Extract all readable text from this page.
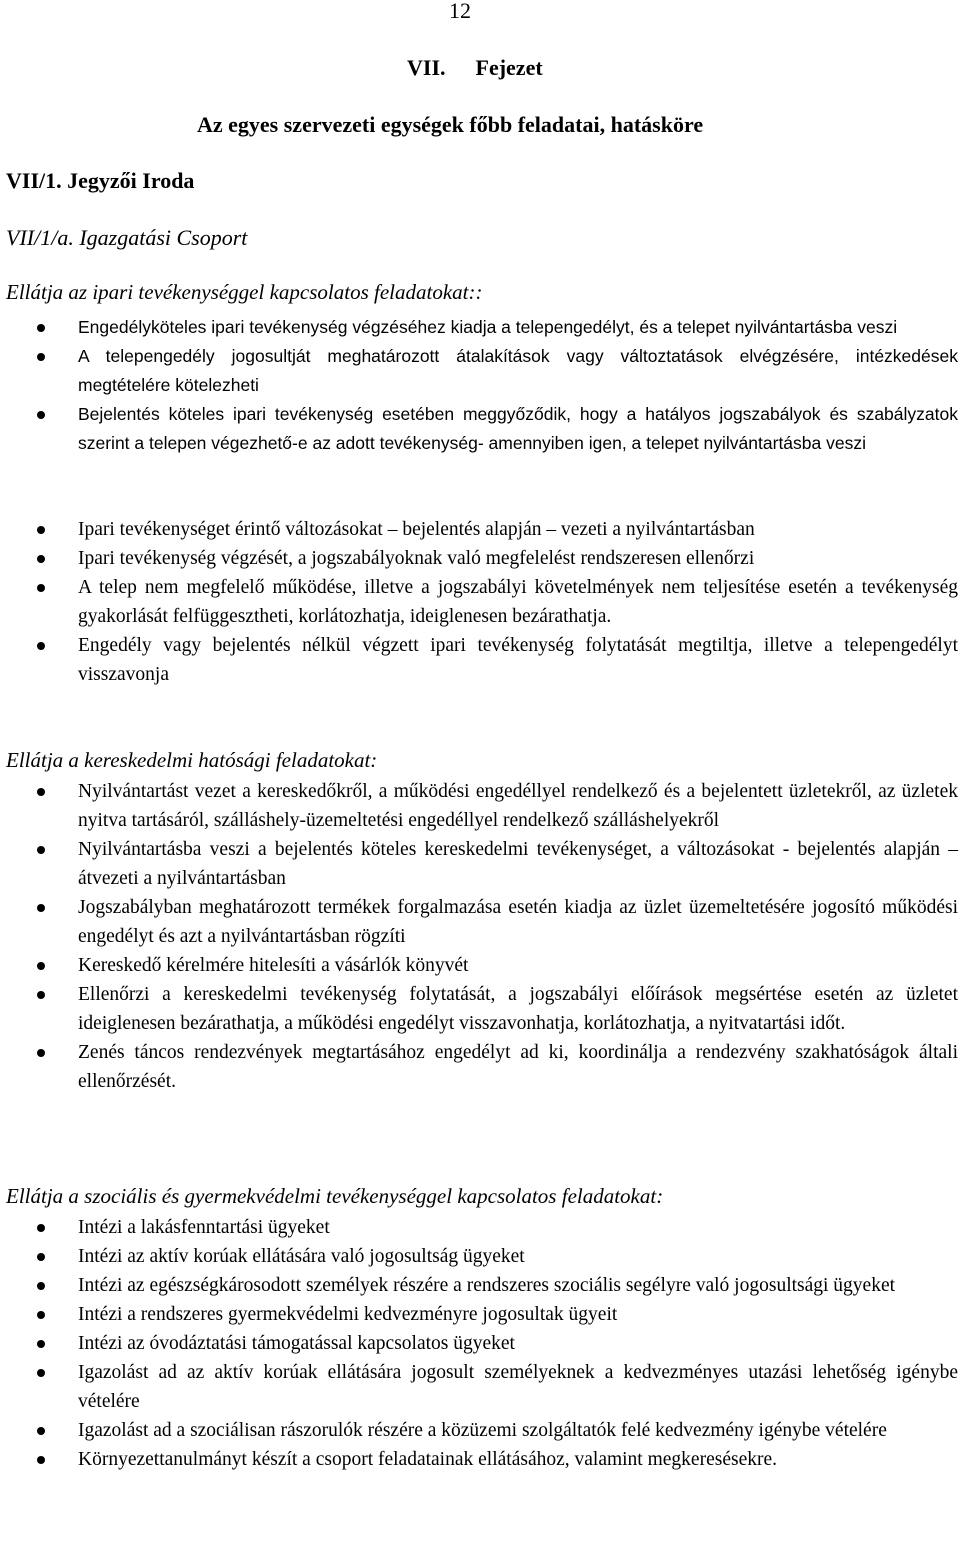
12
VII. Fejezet
Az egyes szervezeti egységek főbb feladatai, hatásköre
VII/1. Jegyzői Iroda
VII/1/a. Igazgatási Csoport
Ellátja az ipari tevékenységgel kapcsolatos feladatokat::
Engedélyköteles ipari tevékenység végzéséhez kiadja a telepengedélyt, és a telepet nyilvántartásba veszi
A telepengedély jogosultját meghatározott átalakítások vagy változtatások elvégzésére, intézkedések megtételére kötelezheti
Bejelentés köteles ipari tevékenység esetében meggyőződik, hogy a hatályos jogszabályok és szabályzatok szerint a telepen végezhető-e az adott tevékenység- amennyiben igen, a telepet nyilvántartásba veszi
Ipari tevékenységet érintő változásokat – bejelentés alapján – vezeti a nyilvántartásban
Ipari tevékenység végzését, a jogszabályoknak való megfelelést rendszeresen ellenőrzi
A telep nem megfelelő működése, illetve a jogszabályi követelmények nem teljesítése esetén a tevékenység gyakorlását felfüggesztheti, korlátozhatja, ideiglenesen bezárathatja.
Engedély vagy bejelentés nélkül végzett ipari tevékenység folytatását megtiltja, illetve a telepengedélyt visszavonja
Ellátja a kereskedelmi hatósági feladatokat:
Nyilvántartást vezet a kereskedőkről, a működési engedéllyel rendelkező és a bejelentett üzletekről, az üzletek nyitva tartásáról, szálláshely-üzemeltetési engedéllyel rendelkező szálláshelyekről
Nyilvántartásba veszi a bejelentés köteles kereskedelmi tevékenységet, a változásokat - bejelentés alapján – átvezeti a nyilvántartásban
Jogszabályban meghatározott termékek forgalmazása esetén kiadja az üzlet üzemeltetésére jogosító működési engedélyt és azt a nyilvántartásban rögzíti
Kereskedő kérelmére hitelesíti a vásárlók könyvét
Ellenőrzi a kereskedelmi tevékenység folytatását, a jogszabályi előírások megsértése esetén az üzletet ideiglenesen bezárathatja, a működési engedélyt visszavonhatja, korlátozhatja, a nyitvatartási időt.
Zenés táncos rendezvények megtartásához engedélyt ad ki, koordinálja a rendezvény szakhatóságok általi ellenőrzését.
Ellátja a szociális és gyermekvédelmi tevékenységgel kapcsolatos feladatokat:
Intézi a lakásfenntartási ügyeket
Intézi az aktív korúak ellátására való jogosultság ügyeket
Intézi az egészségkárosodott személyek részére a rendszeres szociális segélyre való jogosultsági ügyeket
Intézi a rendszeres gyermekvédelmi kedvezményre jogosultak ügyeit
Intézi az óvodáztatási támogatással kapcsolatos ügyeket
Igazolást ad az aktív korúak ellátására jogosult személyeknek a kedvezményes utazási lehetőség igénybe vételére
Igazolást ad a szociálisan rászorulók részére a közüzemi szolgáltatók felé kedvezmény igénybe vételére
Környezettanulmányt készít a csoport feladatainak ellátásához, valamint megkeresésekre.
